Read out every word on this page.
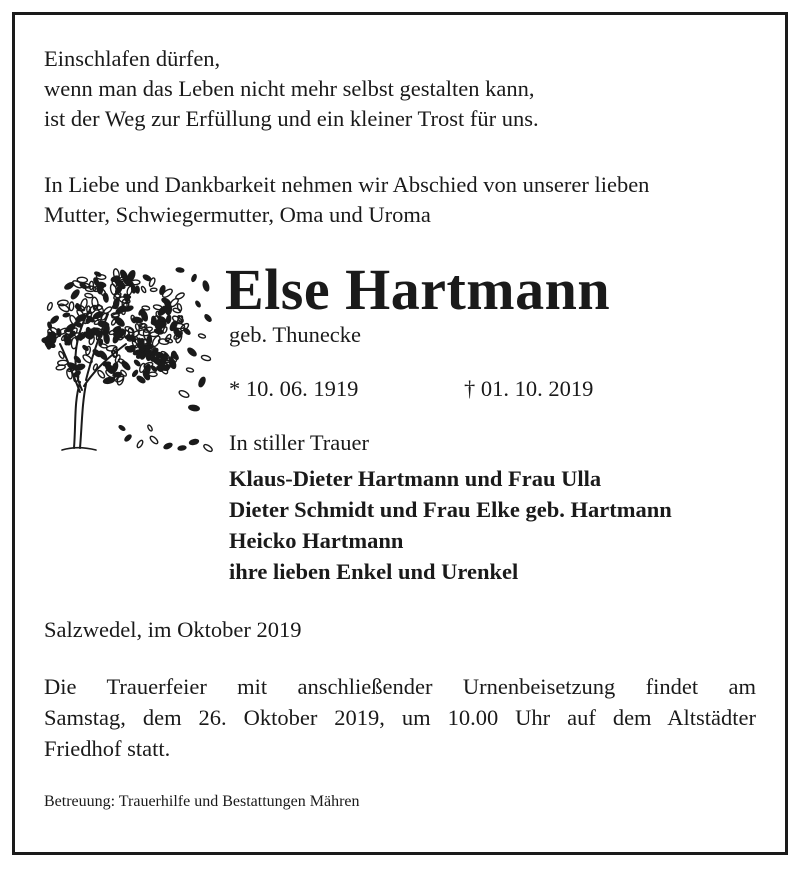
Einschlafen dürfen,
wenn man das Leben nicht mehr selbst gestalten kann,
ist der Weg zur Erfüllung und ein kleiner Trost für uns.
In Liebe und Dankbarkeit nehmen wir Abschied von unserer lieben
Mutter, Schwiegermutter, Oma und Uroma
Else Hartmann
geb. Thunecke
* 10. 06. 1919	† 01. 10. 2019
In stiller Trauer
Klaus-Dieter Hartmann und Frau Ulla
Dieter Schmidt und Frau Elke geb. Hartmann
Heicko Hartmann
ihre lieben Enkel und Urenkel
Salzwedel, im Oktober 2019
Die Trauerfeier mit anschließender Urnenbeisetzung findet am
Samstag, dem 26. Oktober 2019, um 10.00 Uhr auf dem Altstädter
Friedhof statt.
Betreuung: Trauerhilfe und Bestattungen Mähren
